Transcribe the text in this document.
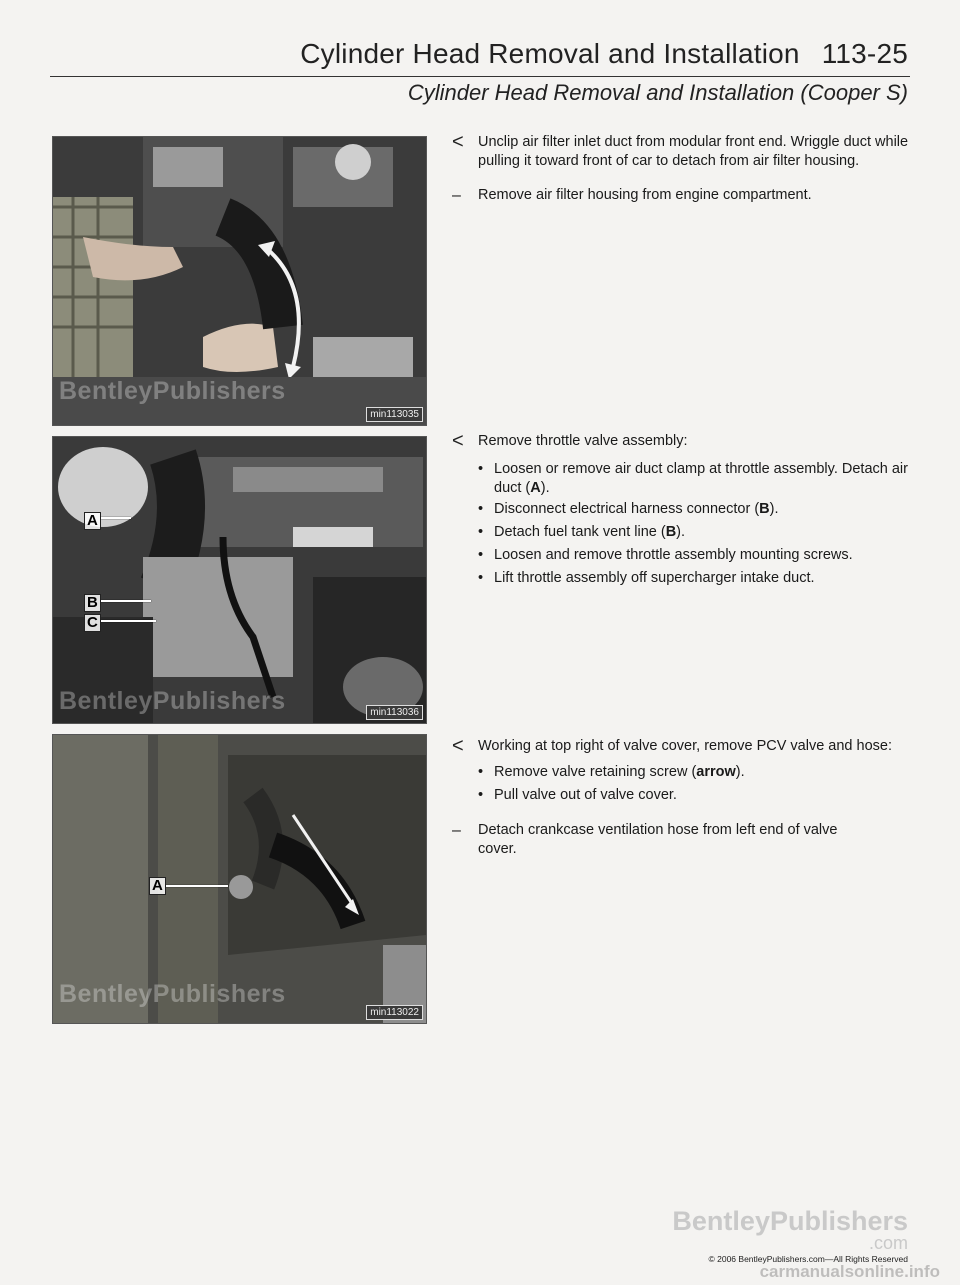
Cylinder Head Removal and Installation 113-25
Cylinder Head Removal and Installation (Cooper S)
BentleyPublishers
min113035
A
B
C
BentleyPublishers	min113036
A
BentleyPublishers
min113022
< Unclip air filter inlet duct from modular front end. Wriggle duct while pulling it toward front of car to detach from air filter housing.
– Remove air filter housing from engine compartment.
< Remove throttle valve assembly:
• Loosen or remove air duct clamp at throttle assembly. Detach air duct (A).
• Disconnect electrical harness connector (B).
• Detach fuel tank vent line (B).
• Loosen and remove throttle assembly mounting screws.
• Lift throttle assembly off supercharger intake duct.
< Working at top right of valve cover, remove PCV valve and hose:
• Remove valve retaining screw (arrow).
• Pull valve out of valve cover.
– Detach crankcase ventilation hose from left end of valve cover.
BentleyPublishers
.com
© 2006 BentleyPublishers.com—All Rights Reserved
carmanualsonline.info
